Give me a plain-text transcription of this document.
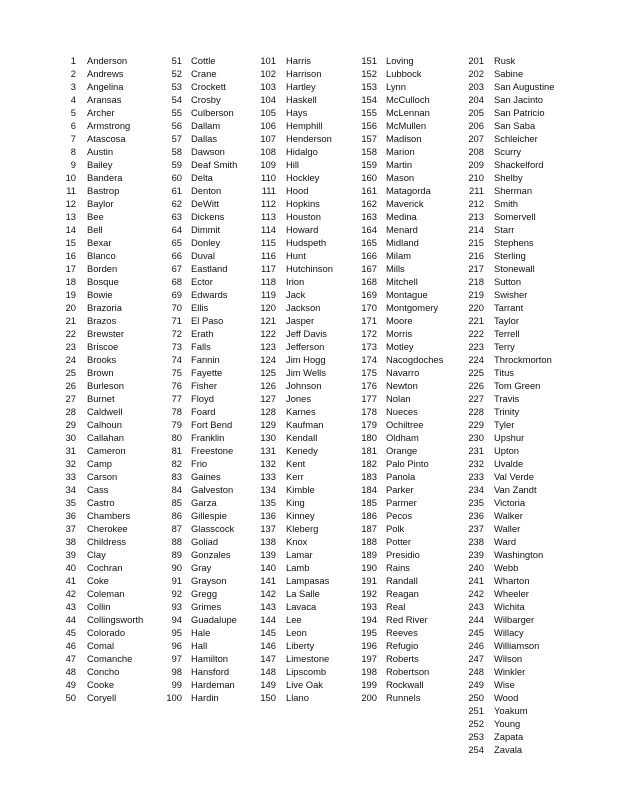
1 Anderson
2 Andrews
3 Angelina
4 Aransas
5 Archer
6 Armstrong
7 Atascosa
8 Austin
9 Bailey
10 Bandera
11 Bastrop
12 Baylor
13 Bee
14 Bell
15 Bexar
16 Blanco
17 Borden
18 Bosque
19 Bowie
20 Brazoria
21 Brazos
22 Brewster
23 Briscoe
24 Brooks
25 Brown
26 Burleson
27 Burnet
28 Caldwell
29 Calhoun
30 Callahan
31 Cameron
32 Camp
33 Carson
34 Cass
35 Castro
36 Chambers
37 Cherokee
38 Childress
39 Clay
40 Cochran
41 Coke
42 Coleman
43 Collin
44 Collingsworth
45 Colorado
46 Comal
47 Comanche
48 Concho
49 Cooke
50 Coryell
51 Cottle
52 Crane
53 Crockett
54 Crosby
55 Culberson
56 Dallam
57 Dallas
58 Dawson
59 Deaf Smith
60 Delta
61 Denton
62 DeWitt
63 Dickens
64 Dimmit
65 Donley
66 Duval
67 Eastland
68 Ector
69 Edwards
70 Ellis
71 El Paso
72 Erath
73 Falls
74 Fannin
75 Fayette
76 Fisher
77 Floyd
78 Foard
79 Fort Bend
80 Franklin
81 Freestone
82 Frio
83 Gaines
84 Galveston
85 Garza
86 Gillespie
87 Glasscock
88 Goliad
89 Gonzales
90 Gray
91 Grayson
92 Gregg
93 Grimes
94 Guadalupe
95 Hale
96 Hall
97 Hamilton
98 Hansford
99 Hardeman
100 Hardin
101 Harris
102 Harrison
103 Hartley
104 Haskell
105 Hays
106 Hemphill
107 Henderson
108 Hidalgo
109 Hill
110 Hockley
111 Hood
112 Hopkins
113 Houston
114 Howard
115 Hudspeth
116 Hunt
117 Hutchinson
118 Irion
119 Jack
120 Jackson
121 Jasper
122 Jeff Davis
123 Jefferson
124 Jim Hogg
125 Jim Wells
126 Johnson
127 Jones
128 Karnes
129 Kaufman
130 Kendall
131 Kenedy
132 Kent
133 Kerr
134 Kimble
135 King
136 Kinney
137 Kleberg
138 Knox
139 Lamar
140 Lamb
141 Lampasas
142 La Salle
143 Lavaca
144 Lee
145 Leon
146 Liberty
147 Limestone
148 Lipscomb
149 Live Oak
150 Llano
151 Loving
152 Lubbock
153 Lynn
154 McCulloch
155 McLennan
156 McMullen
157 Madison
158 Marion
159 Martin
160 Mason
161 Matagorda
162 Maverick
163 Medina
164 Menard
165 Midland
166 Milam
167 Mills
168 Mitchell
169 Montague
170 Montgomery
171 Moore
172 Morris
173 Motley
174 Nacogdoches
175 Navarro
176 Newton
177 Nolan
178 Nueces
179 Ochiltree
180 Oldham
181 Orange
182 Palo Pinto
183 Panola
184 Parker
185 Parmer
186 Pecos
187 Polk
188 Potter
189 Presidio
190 Rains
191 Randall
192 Reagan
193 Real
194 Red River
195 Reeves
196 Refugio
197 Roberts
198 Robertson
199 Rockwall
200 Runnels
201 Rusk
202 Sabine
203 San Augustine
204 San Jacinto
205 San Patricio
206 San Saba
207 Schleicher
208 Scurry
209 Shackelford
210 Shelby
211 Sherman
212 Smith
213 Somervell
214 Starr
215 Stephens
216 Sterling
217 Stonewall
218 Sutton
219 Swisher
220 Tarrant
221 Taylor
222 Terrell
223 Terry
224 Throckmorton
225 Titus
226 Tom Green
227 Travis
228 Trinity
229 Tyler
230 Upshur
231 Upton
232 Uvalde
233 Val Verde
234 Van Zandt
235 Victoria
236 Walker
237 Waller
238 Ward
239 Washington
240 Webb
241 Wharton
242 Wheeler
243 Wichita
244 Wilbarger
245 Willacy
246 Williamson
247 Wilson
248 Winkler
249 Wise
250 Wood
251 Yoakum
252 Young
253 Zapata
254 Zavala
